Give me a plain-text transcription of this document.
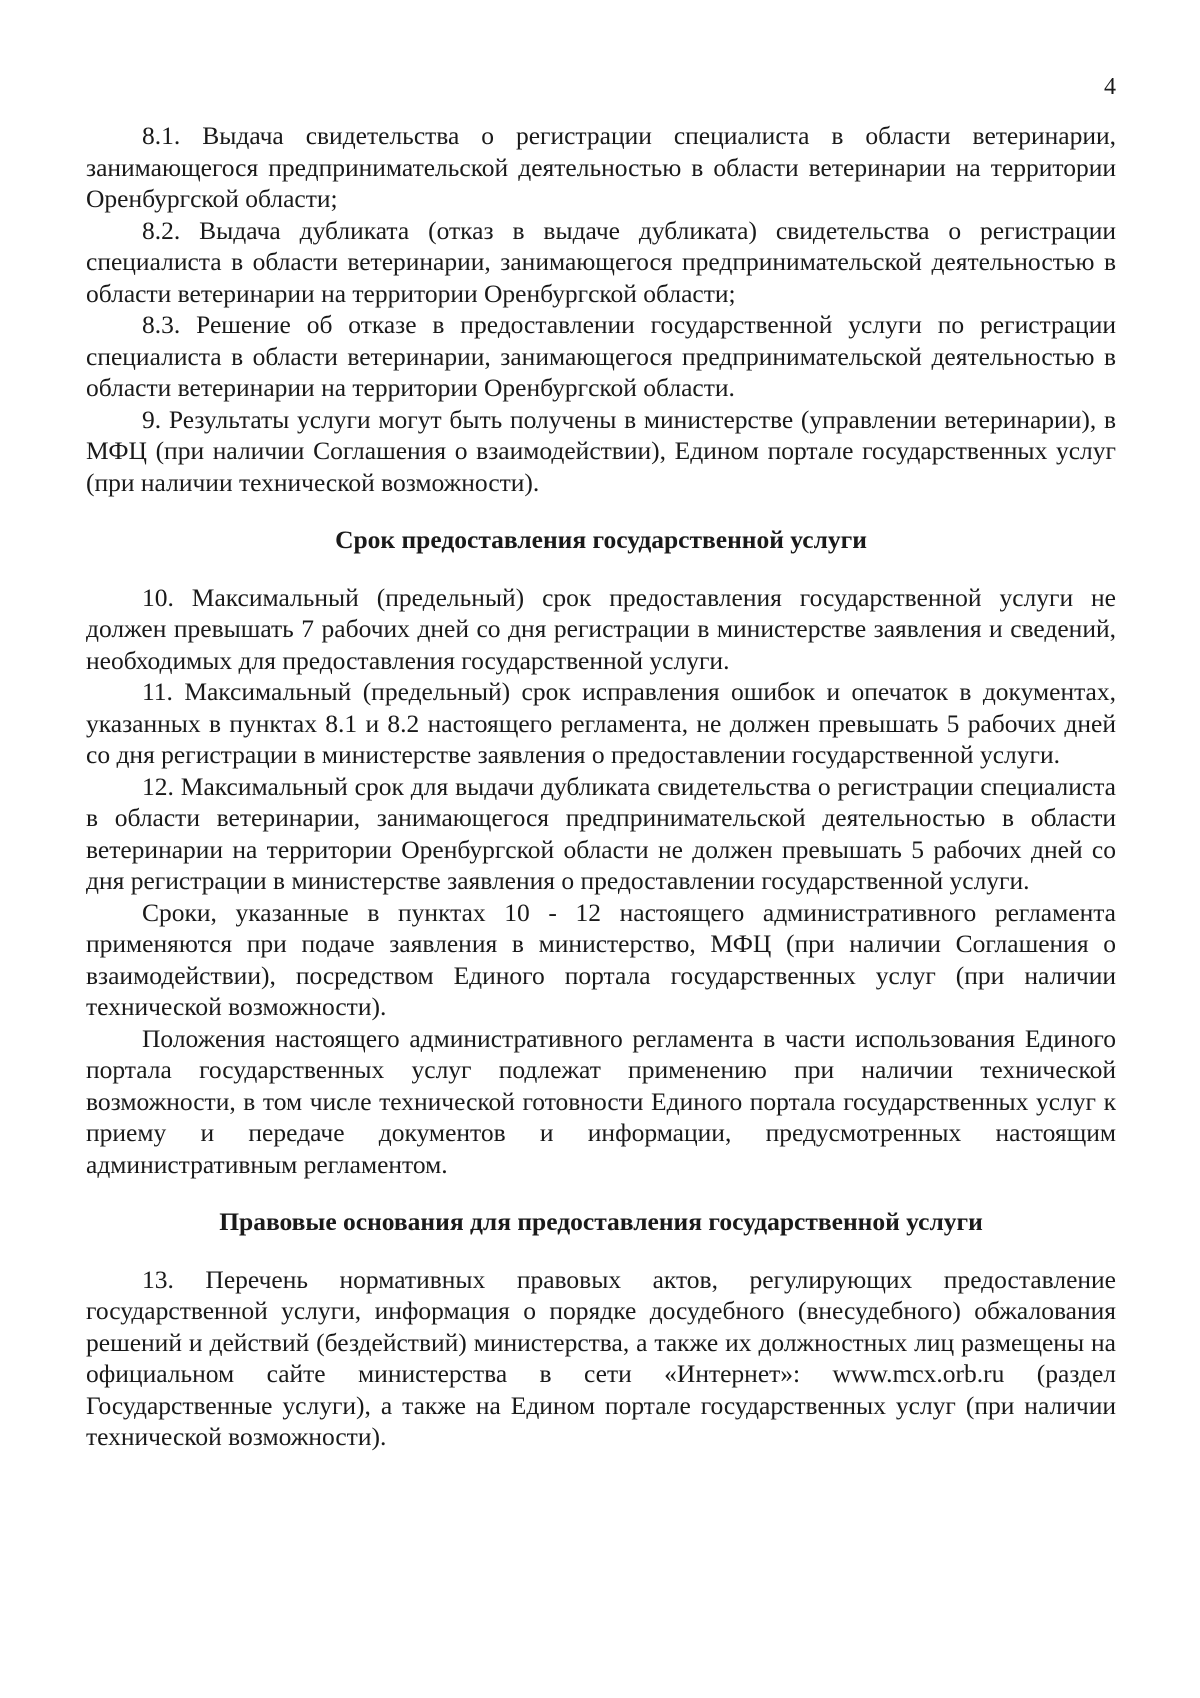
4

8.1. Выдача свидетельства о регистрации специалиста в области ветеринарии, занимающегося предпринимательской деятельностью в области ветеринарии на территории Оренбургской области;

8.2. Выдача дубликата (отказ в выдаче дубликата) свидетельства о регистрации специалиста в области ветеринарии, занимающегося предпринимательской деятельностью в области ветеринарии на территории Оренбургской области;

8.3. Решение об отказе в предоставлении государственной услуги по регистрации специалиста в области ветеринарии, занимающегося предпринимательской деятельностью в области ветеринарии на территории Оренбургской области.

9. Результаты услуги могут быть получены в министерстве (управлении ветеринарии), в МФЦ (при наличии Соглашения о взаимодействии), Едином портале государственных услуг (при наличии технической возможности).

Срок предоставления государственной услуги

10. Максимальный (предельный) срок предоставления государственной услуги не должен превышать 7 рабочих дней со дня регистрации в министерстве заявления и сведений, необходимых для предоставления государственной услуги.

11. Максимальный (предельный) срок исправления ошибок и опечаток в документах, указанных в пунктах 8.1 и 8.2 настоящего регламента, не должен превышать 5 рабочих дней со дня регистрации в министерстве заявления о предоставлении государственной услуги.

12. Максимальный срок для выдачи дубликата свидетельства о регистрации специалиста в области ветеринарии, занимающегося предпринимательской деятельностью в области ветеринарии на территории Оренбургской области не должен превышать 5 рабочих дней со дня регистрации в министерстве заявления о предоставлении государственной услуги.

Сроки, указанные в пунктах 10 - 12 настоящего административного регламента применяются при подаче заявления в министерство, МФЦ (при наличии Соглашения о взаимодействии), посредством Единого портала государственных услуг (при наличии технической возможности).

Положения настоящего административного регламента в части использования Единого портала государственных услуг подлежат применению при наличии технической возможности, в том числе технической готовности Единого портала государственных услуг к приему и передаче документов и информации, предусмотренных настоящим административным регламентом.

Правовые основания для предоставления государственной услуги

13. Перечень нормативных правовых актов, регулирующих предоставление государственной услуги, информация о порядке досудебного (внесудебного) обжалования решений и действий (бездействий) министерства, а также их должностных лиц размещены на официальном сайте министерства в сети «Интернет»: www.mcx.orb.ru (раздел Государственные услуги), а также на Едином портале государственных услуг (при наличии технической возможности).
